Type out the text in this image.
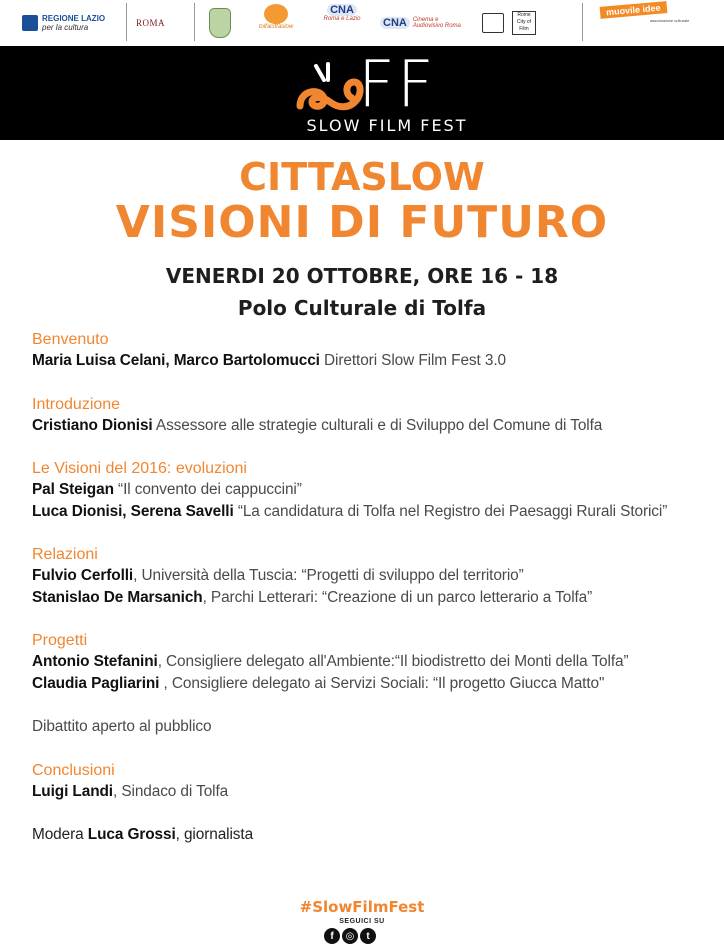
REGIONE LAZIO
per la cultura	ROMA	tolfacittàslow
CNA
Roma e Lazio CNA	Cinema e Audiovisivo Roma
Rome City of Film
muovile idee
associazione culturale
FF
SLOW FILM FEST
CITTASLOW
VISIONI DI FUTURO
VENERDI 20 OTTOBRE, ORE 16 - 18
Polo Culturale di Tolfa
Benvenuto
Maria Luisa Celani, Marco Bartolomucci Direttori Slow Film Fest 3.0
Introduzione
Cristiano Dionisi Assessore alle strategie culturali e di Sviluppo del Comune di Tolfa
Le Visioni del 2016: evoluzioni
Pal Steigan “Il convento dei cappuccini”
Luca Dionisi, Serena Savelli “La candidatura di Tolfa nel Registro dei Paesaggi Rurali Storici”
Relazioni
Fulvio Cerfolli, Università della Tuscia: “Progetti di sviluppo del territorio”
Stanislao De Marsanich, Parchi Letterari: “Creazione di un parco letterario a Tolfa”
Progetti
Antonio Stefanini, Consigliere delegato all'Ambiente:“Il biodistretto dei Monti della Tolfa”
Claudia Pagliarini , Consigliere delegato ai Servizi Sociali: “Il progetto Giucca Matto"
Dibattito aperto al pubblico
Conclusioni
Luigi Landi, Sindaco di Tolfa
Modera Luca Grossi, giornalista
#SlowFilmFest
SEGUICI SU
f	◎	t
